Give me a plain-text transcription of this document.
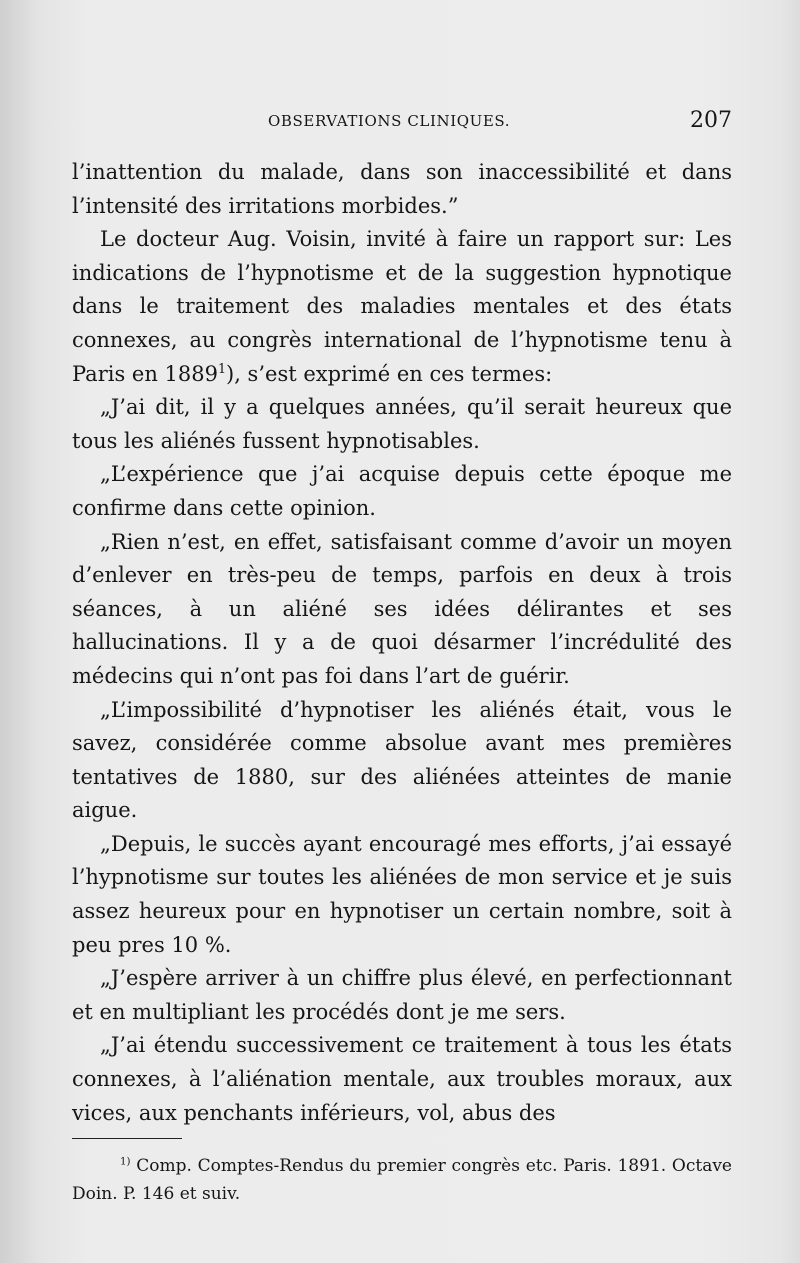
OBSERVATIONS CLINIQUES.	207

l’inattention du malade, dans son inaccessibilité et dans l’intensité des irritations morbides.”

Le docteur Aug. Voisin, invité à faire un rapport sur: Les indications de l’hypnotisme et de la suggestion hypnotique dans le traitement des maladies mentales et des états connexes, au congrès international de l’hypnotisme tenu à Paris en 1889$^1$), s’est exprimé en ces termes:

„J’ai dit, il y a quelques années, qu’il serait heureux que tous les aliénés fussent hypnotisables.

„L’expérience que j’ai acquise depuis cette époque me confirme dans cette opinion.

„Rien n’est, en effet, satisfaisant comme d’avoir un moyen d’enlever en très-peu de temps, parfois en deux à trois séances, à un aliéné ses idées délirantes et ses hallucinations. Il y a de quoi désarmer l’incrédulité des médecins qui n’ont pas foi dans l’art de guérir.

„L’impossibilité d’hypnotiser les aliénés était, vous le savez, considérée comme absolue avant mes premières tentatives de 1880, sur des aliénées atteintes de manie aigue.

„Depuis, le succès ayant encouragé mes efforts, j’ai essayé l’hypnotisme sur toutes les aliénées de mon service et je suis assez heureux pour en hypnotiser un certain nombre, soit à peu pres 10 %.

„J’espère arriver à un chiffre plus élevé, en perfectionnant et en multipliant les procédés dont je me sers.

„J’ai étendu successivement ce traitement à tous les états connexes, à l’aliénation mentale, aux troubles moraux, aux vices, aux penchants inférieurs, vol, abus des

$^{1)}$ Comp. Comptes-Rendus du premier congrès etc. Paris. 1891. Octave Doin. P. 146 et suiv.
